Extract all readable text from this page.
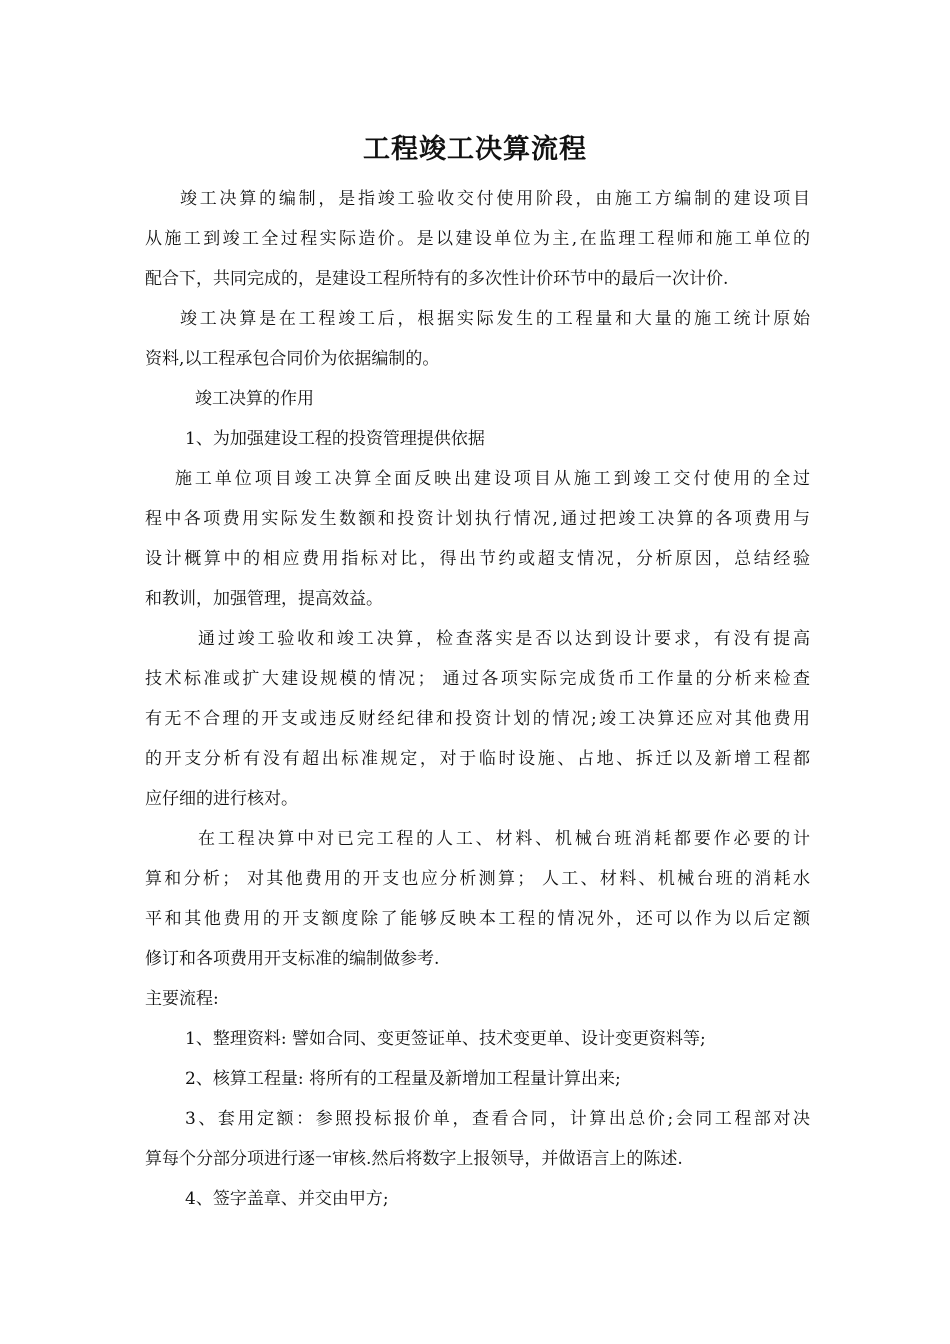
工程竣工决算流程

竣工决算的编制，是指竣工验收交付使用阶段，由施工方编制的建设项目

从施工到竣工全过程实际造价。是以建设单位为主,在监理工程师和施工单位的

配合下，共同完成的，是建设工程所特有的多次性计价环节中的最后一次计价.

竣工决算是在工程竣工后，根据实际发生的工程量和大量的施工统计原始

资料,以工程承包合同价为依据编制的。

竣工决算的作用

1、为加强建设工程的投资管理提供依据

施工单位项目竣工决算全面反映出建设项目从施工到竣工交付使用的全过

程中各项费用实际发生数额和投资计划执行情况,通过把竣工决算的各项费用与

设计概算中的相应费用指标对比，得出节约或超支情况，分析原因，总结经验

和教训，加强管理，提高效益。

通过竣工验收和竣工决算，检查落实是否以达到设计要求，有没有提高

技术标准或扩大建设规模的情况； 通过各项实际完成货币工作量的分析来检查

有无不合理的开支或违反财经纪律和投资计划的情况;竣工决算还应对其他费用

的开支分析有没有超出标准规定，对于临时设施、占地、拆迁以及新增工程都

应仔细的进行核对。

在工程决算中对已完工程的人工、材料、机械台班消耗都要作必要的计

算和分析； 对其他费用的开支也应分析测算； 人工、材料、机械台班的消耗水

平和其他费用的开支额度除了能够反映本工程的情况外，还可以作为以后定额

修订和各项费用开支标准的编制做参考.

主要流程:

1、整理资料: 譬如合同、变更签证单、技术变更单、设计变更资料等;

2、核算工程量: 将所有的工程量及新增加工程量计算出来;

3、套用定额：参照投标报价单，查看合同，计算出总价;会同工程部对决

算每个分部分项进行逐一审核.然后将数字上报领导，并做语言上的陈述.

4、签字盖章、并交由甲方;
